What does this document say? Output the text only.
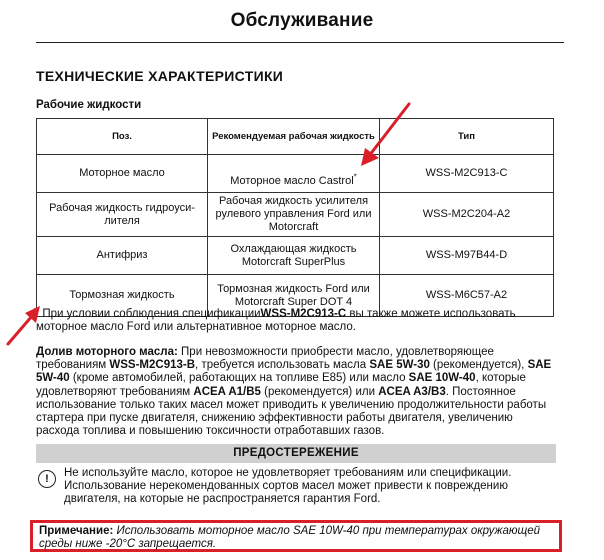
Обслуживание
ТЕХНИЧЕСКИЕ ХАРАКТЕРИСТИКИ
Рабочие жидкости
Поз.	Рекомендуемая рабочая жидкость	Тип
Моторное масло	Моторное масло Castrol*	WSS-M2C913-C
Рабочая жидкость гидроуси-лителя	Рабочая жидкость усилителя рулевого управления Ford или Motorcraft	WSS-M2C204-A2
Антифриз	Охлаждающая жидкость Motorcraft SuperPlus	WSS-M97B44-D
Тормозная жидкость	Тормозная жидкость Ford или Motorcraft Super DOT 4	WSS-M6C57-A2
При условии соблюдения спецификацииWSS-M2C913-C вы также можете использовать моторное масло Ford или альтернативное моторное масло.
Долив моторного масла: При невозможности приобрести масло, удовлетворяющее требованиям WSS-M2C913-B, требуется использовать масла SAE 5W-30 (рекомендуется), SAE 5W-40 (кроме автомобилей, работающих на топливе E85) или масло SAE 10W-40, которые удовлетворяют требованиям ACEA A1/B5 (рекомендуется) или ACEA A3/B3. Постоянное использование только таких масел может приводить к увеличению продолжительности работы стартера при пуске двигателя, снижению эффективности работы двигателя, увеличению расхода топлива и повышению токсичности отработавших газов.
ПРЕДОСТЕРЕЖЕНИЕ
!	Не используйте масло, которое не удовлетворяет требованиям или спецификации. Использование нерекомендованных сортов масел может привести к повреждению двигателя, на которые не распространяется гарантия Ford.
Примечание: Использовать моторное масло SAE 10W-40 при температурах окружающей среды ниже -20°C запрещается.
